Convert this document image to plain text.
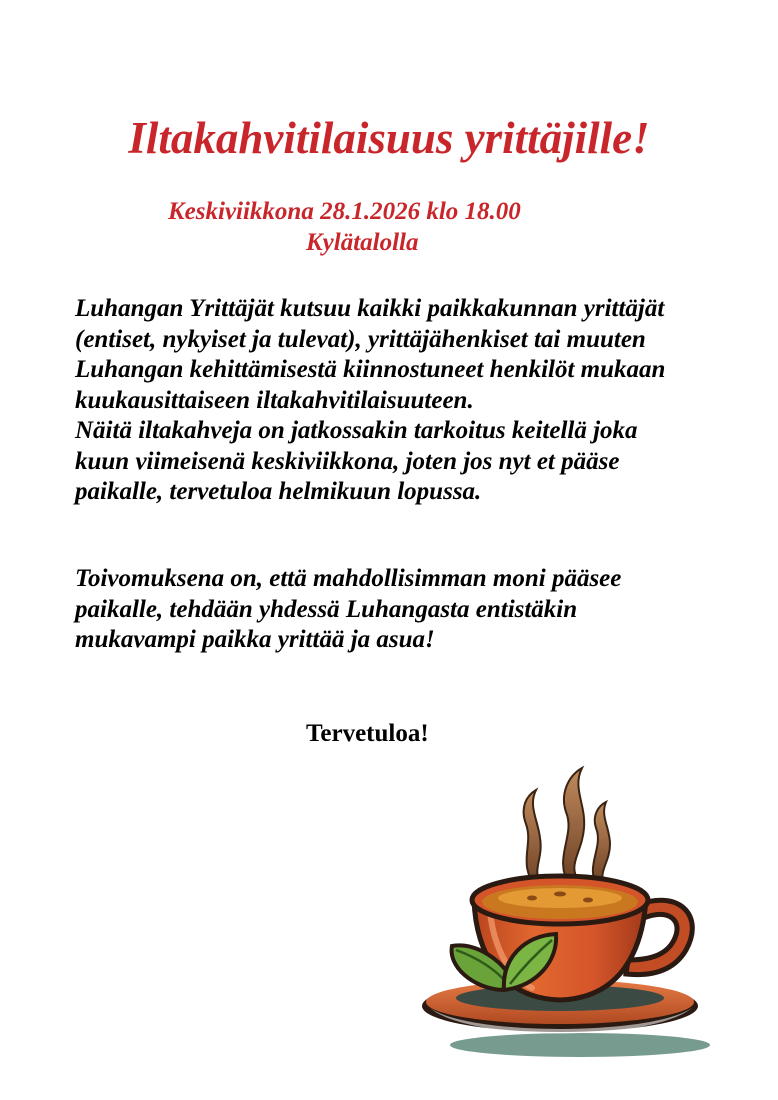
Iltakahvitilaisuus yrittäjille!
Keskiviikkona 28.1.2026 klo 18.00
Kylätalolla
Luhangan Yrittäjät kutsuu kaikki paikkakunnan yrittäjät
(entiset, nykyiset ja tulevat), yrittäjähenkiset tai muuten
Luhangan kehittämisestä kiinnostuneet henkilöt mukaan
kuukausittaiseen iltakahvitilaisuuteen.
Näitä iltakahveja on jatkossakin tarkoitus keitellä joka
kuun viimeisenä keskiviikkona, joten jos nyt et pääse
paikalle, tervetuloa helmikuun lopussa.
Toivomuksena on, että mahdollisimman moni pääsee
paikalle, tehdään yhdessä Luhangasta entistäkin
mukavampi paikka yrittää ja asua!
Tervetuloa!
